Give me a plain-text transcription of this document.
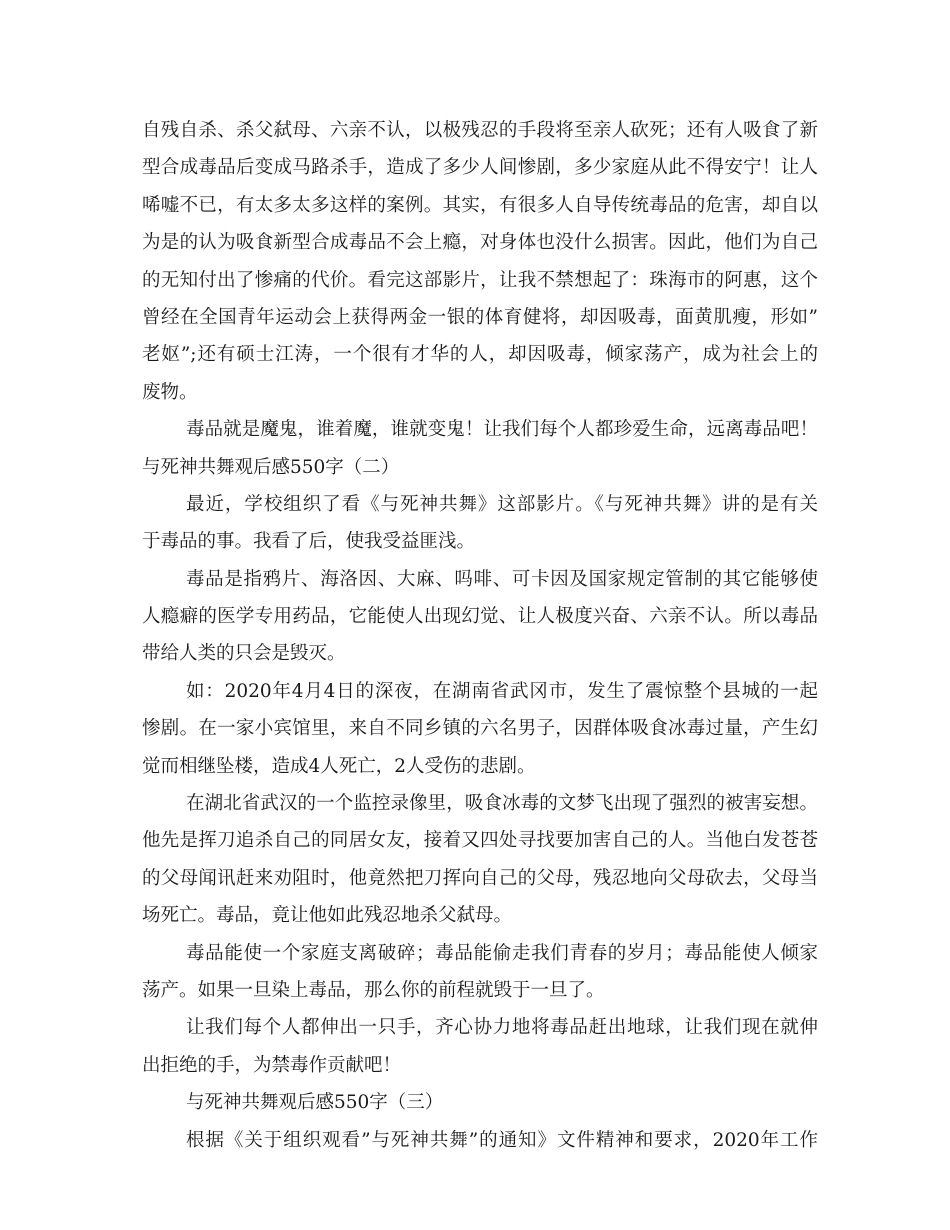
自残自杀、杀父弑母、六亲不认，以极残忍的手段将至亲人砍死；还有人吸食了新
型合成毒品后变成马路杀手，造成了多少人间惨剧，多少家庭从此不得安宁！让人
唏嘘不已，有太多太多这样的案例。其实，有很多人自导传统毒品的危害，却自以
为是的认为吸食新型合成毒品不会上瘾，对身体也没什么损害。因此，他们为自己
的无知付出了惨痛的代价。看完这部影片，让我不禁想起了：珠海市的阿惠，这个
曾经在全国青年运动会上获得两金一银的体育健将，却因吸毒，面黄肌瘦，形如”
老妪”;还有硕士江涛，一个很有才华的人，却因吸毒，倾家荡产，成为社会上的
废物。
毒品就是魔鬼，谁着魔，谁就变鬼！让我们每个人都珍爱生命，远离毒品吧！
与死神共舞观后感550字（二）
最近，学校组织了看《与死神共舞》这部影片。《与死神共舞》讲的是有关
于毒品的事。我看了后，使我受益匪浅。
毒品是指鸦片、海洛因、大麻、吗啡、可卡因及国家规定管制的其它能够使
人瘾癖的医学专用药品，它能使人出现幻觉、让人极度兴奋、六亲不认。所以毒品
带给人类的只会是毁灭。
如：2020年4月4日的深夜，在湖南省武冈市，发生了震惊整个县城的一起
惨剧。在一家小宾馆里，来自不同乡镇的六名男子，因群体吸食冰毒过量，产生幻
觉而相继坠楼，造成4人死亡，2人受伤的悲剧。
在湖北省武汉的一个监控录像里，吸食冰毒的文梦飞出现了强烈的被害妄想。
他先是挥刀追杀自己的同居女友，接着又四处寻找要加害自己的人。当他白发苍苍
的父母闻讯赶来劝阻时，他竟然把刀挥向自己的父母，残忍地向父母砍去，父母当
场死亡。毒品，竟让他如此残忍地杀父弑母。
毒品能使一个家庭支离破碎；毒品能偷走我们青春的岁月；毒品能使人倾家
荡产。如果一旦染上毒品，那么你的前程就毁于一旦了。
让我们每个人都伸出一只手，齐心协力地将毒品赶出地球，让我们现在就伸
出拒绝的手，为禁毒作贡献吧！
与死神共舞观后感550字（三）
根据《关于组织观看”与死神共舞”的通知》文件精神和要求，2020年工作
